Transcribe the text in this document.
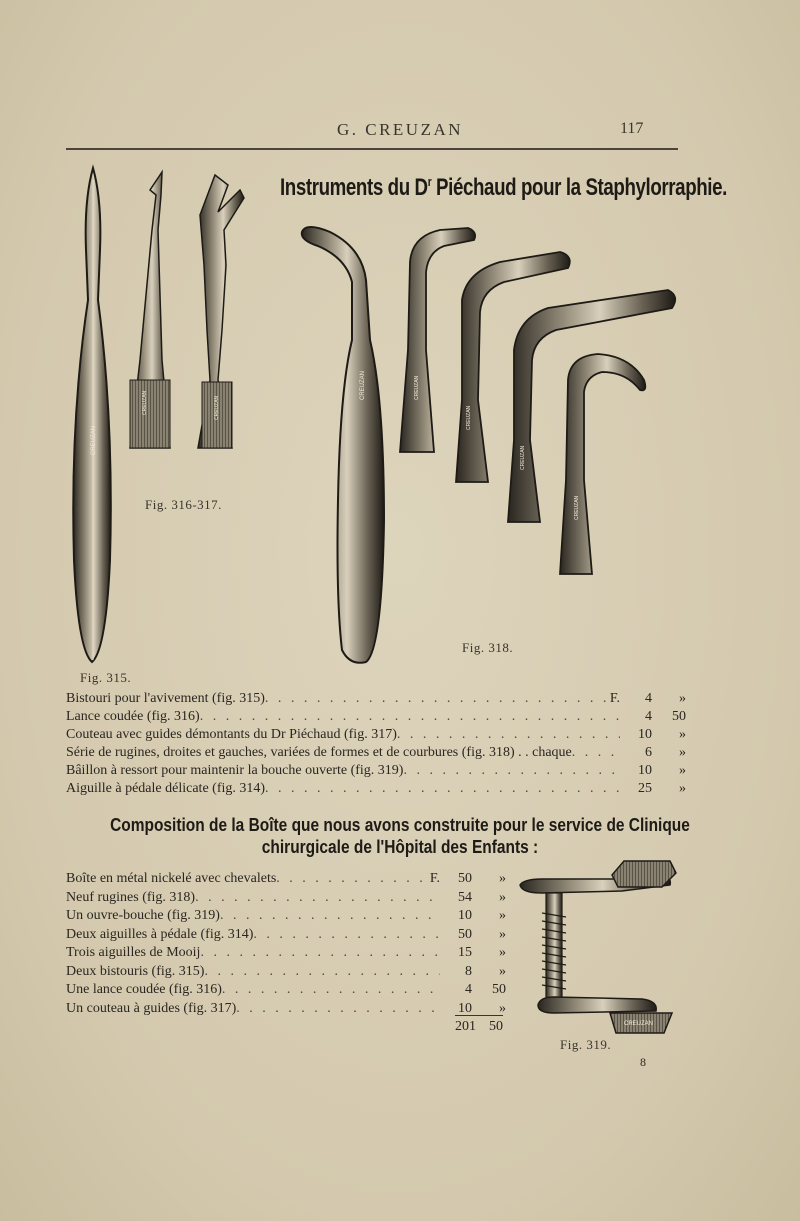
G. CREUZAN	117
Instruments du $D^r$ Piéchaud pour la Staphylorraphie.
CREUZAN
CREUZAN	CREUZAN
CREUZAN	CREUZAN
CREUZAN
CREUZAN
CREUZAN
Fig. 316-317.
Fig. 318.
Fig. 315.
Bistouri pour l'avivement (fig. 315) . . .	F.	4	»
Lance coudée (fig. 316) . . .	4	50
Couteau avec guides démontants du Dr Piéchaud (fig. 317) . . .	10	»
Série de rugines, droites et gauches, variées de formes et de courbures (fig. 318) . . chaque . . .	6	»
Bâillon à ressort pour maintenir la bouche ouverte (fig. 319) . . .	10	»
Aiguille à pédale délicate (fig. 314) . . .	25	»
Composition de la Boîte que nous avons construite pour le service de Clinique
chirurgicale de l'Hôpital des Enfants :
Boîte en métal nickelé avec chevalets . . .	F.	50	»
Neuf rugines (fig. 318) . . .	54	»
Un ouvre-bouche (fig. 319) . . .	10	»
Deux aiguilles à pédale (fig. 314) . . .	50	»
Trois aiguilles de Mooij . . .	15	»
Deux bistouris (fig. 315) . . .	8	»
Une lance coudée (fig. 316) . . .	4	50
Un couteau à guides (fig. 317) . . .	10	»
201 50	CREUZAN
Fig. 319.
8
